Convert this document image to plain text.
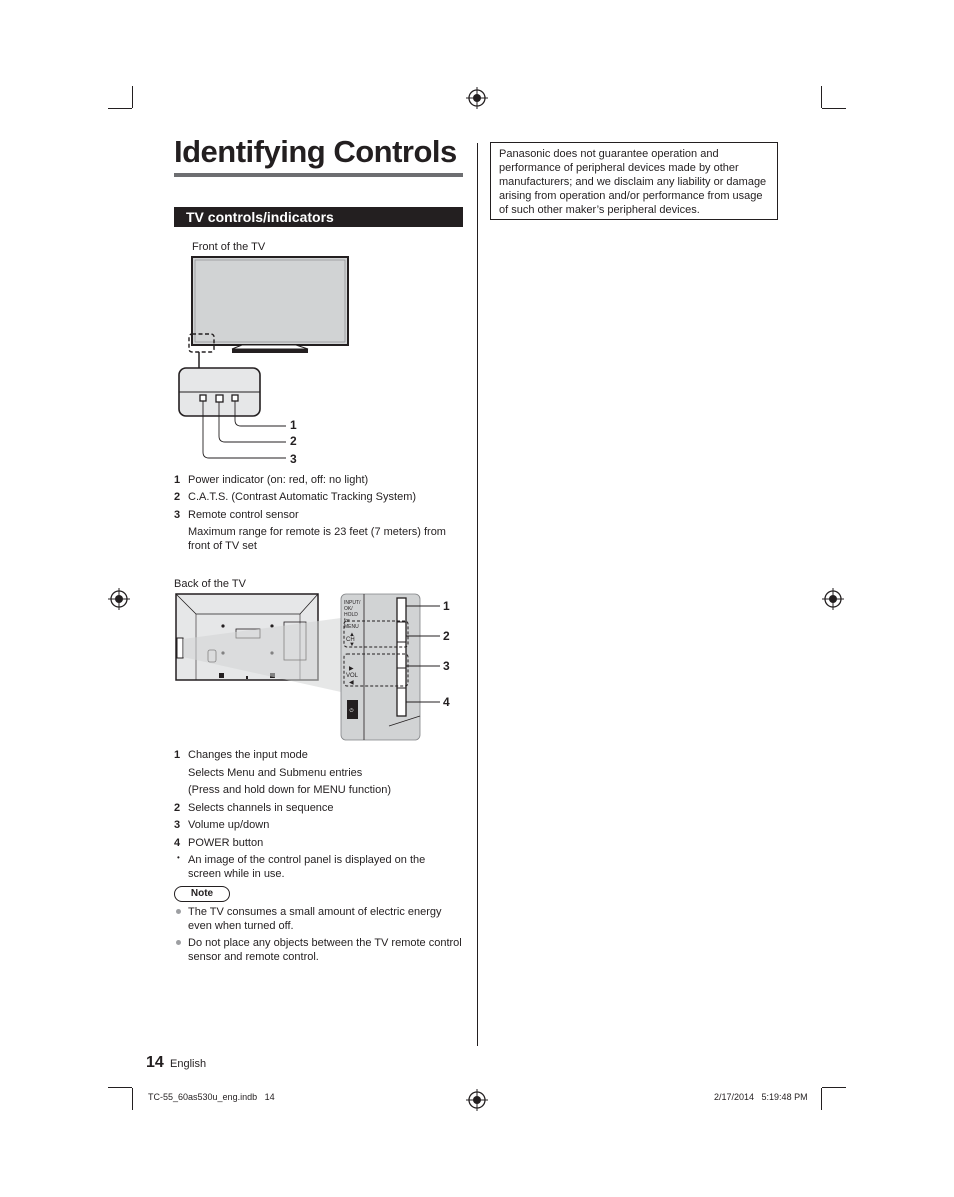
Identifying Controls
TV controls/indicators
Panasonic does not guarantee operation and performance of peripheral devices made by other manufacturers; and we disclaim any liability or damage arising from operation and/or performance from usage of such other maker’s peripheral devices.
Front of the TV
1
2
3
1 Power indicator (on: red, off: no light)
2 C.A.T.S. (Contrast Automatic Tracking System)
3 Remote control sensor
Maximum range for remote is 23 feet (7 meters) from front of TV set
Back of the TV
▲
▼
▶
◀
⏻
INPUT/ OK/ HOLD for MENU
CH
VOL
1
2
3
4
1 Changes the input mode
Selects Menu and Submenu entries
(Press and hold down for MENU function)
2 Selects channels in sequence
3 Volume up/down
4 POWER button
• An image of the control panel is displayed on the screen while in use.
Note
The TV consumes a small amount of electric energy even when turned off.
Do not place any objects between the TV remote control sensor and remote control.
14 English
TC-55_60as530u_eng.indb   14	2/17/2014   5:19:48 PM
